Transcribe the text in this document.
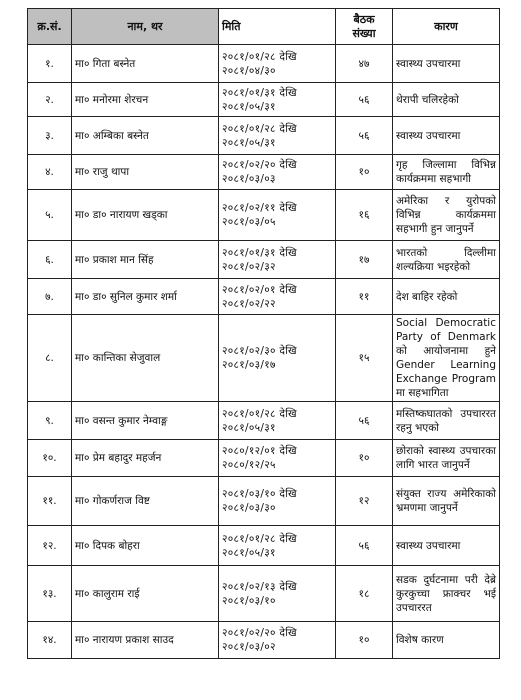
क्र.सं.	नाम, थर	मिति	बैठक
संख्या	कारण
१.	मा० गिता बस्नेत	२०८१/०१/२८ देखि
२०८१/०४/३०	४७	स्वास्थ्य उपचारमा
२.	मा० मनोरमा शेरचन	२०८१/०१/३१ देखि
२०८१/०५/३१	५६	थेरापी चलिरहेको
३.	मा० अम्बिका बस्नेत	२०८१/०१/२८ देखि
२०८१/०५/३१	५६	स्वास्थ्य उपचारमा
४.	मा० राजु थापा	२०८१/०२/२० देखि
२०८१/०३/०३	१०	गृह जिल्लामा विभिन्न कार्यक्रममा सहभागी
५.	मा० डा० नारायण खड्का	२०८१/०२/११ देखि
२०८१/०३/०५	१६	अमेरिका र युरोपको विभिन्न कार्यक्रममा सहभागी हुन जानुपर्ने
६.	मा० प्रकाश मान सिंह	२०८१/०१/३१ देखि
२०८१/०२/३२	१७	भारतको दिल्लीमा शल्यक्रिया भइरहेको
७.	मा० डा० सुनिल कुमार शर्मा	२०८१/०२/०१ देखि
२०८१/०२/२२	११	देश बाहिर रहेको
८.	मा० कान्तिका सेजुवाल	२०८१/०२/३० देखि
२०८१/०३/१७	१५	Social Democratic Party of Denmark को आयोजनामा हुने Gender Learning Exchange Program मा सहभागिता
९.	मा० वसन्त कुमार नेम्वाङ्ग	२०८१/०१/२८ देखि
२०८१/०५/३१	५६	मस्तिष्कघातको उपचाररत रहनु भएको
१०.	मा० प्रेम बहादुर महर्जन	२०८०/१२/०१ देखि
२०८०/१२/२५	१०	छोराको स्वास्थ्य उपचारका लागि भारत जानुपर्ने
११.	मा० गोकर्णराज विष्ट	२०८१/०३/१० देखि
२०८१/०३/३०	१२	संयुक्त राज्य अमेरिकाको भ्रमणमा जानुपर्ने
१२.	मा० दिपक बोहरा	२०८१/०१/२८ देखि
२०८१/०५/३१	५६	स्वास्थ्य उपचारमा
१३.	मा० कालुराम राई	२०८१/०२/१३ देखि
२०८१/०३/१०	१८	सडक दुर्घटनामा परी देब्रे कुरकुच्चा फ्राक्चर भई उपचाररत
१४.	मा० नारायण प्रकाश साउद	२०८१/०२/२० देखि
२०८१/०३/०२	१०	विशेष कारण
